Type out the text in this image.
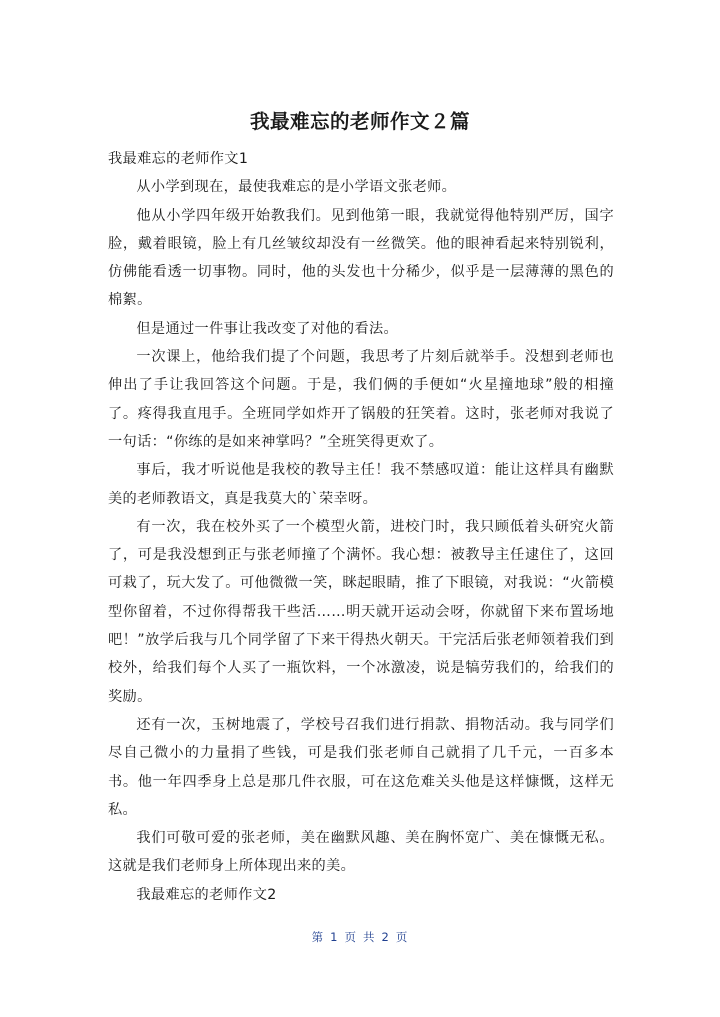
我最难忘的老师作文２篇

我最难忘的老师作文1

从小学到现在，最使我难忘的是小学语文张老师。

他从小学四年级开始教我们。见到他第一眼，我就觉得他特别严厉，国字脸，戴着眼镜，脸上有几丝皱纹却没有一丝微笑。他的眼神看起来特别锐利，仿佛能看透一切事物。同时，他的头发也十分稀少，似乎是一层薄薄的黑色的棉絮。

但是通过一件事让我改变了对他的看法。

一次课上，他给我们提了个问题，我思考了片刻后就举手。没想到老师也伸出了手让我回答这个问题。于是，我们俩的手便如“火星撞地球”般的相撞了。疼得我直甩手。全班同学如炸开了锅般的狂笑着。这时，张老师对我说了一句话：“你练的是如来神掌吗？”全班笑得更欢了。

事后，我才听说他是我校的教导主任！我不禁感叹道：能让这样具有幽默美的老师教语文，真是我莫大的`荣幸呀。

有一次，我在校外买了一个模型火箭，进校门时，我只顾低着头研究火箭了，可是我没想到正与张老师撞了个满怀。我心想：被教导主任逮住了，这回可栽了，玩大发了。可他微微一笑，眯起眼睛，推了下眼镜，对我说：“火箭模型你留着，不过你得帮我干些活……明天就开运动会呀，你就留下来布置场地吧！”放学后我与几个同学留了下来干得热火朝天。干完活后张老师领着我们到校外，给我们每个人买了一瓶饮料，一个冰激凌，说是犒劳我们的，给我们的奖励。

还有一次，玉树地震了，学校号召我们进行捐款、捐物活动。我与同学们尽自己微小的力量捐了些钱，可是我们张老师自己就捐了几千元，一百多本书。他一年四季身上总是那几件衣服，可在这危难关头他是这样慷慨，这样无私。

我们可敬可爱的张老师，美在幽默风趣、美在胸怀宽广、美在慷慨无私。这就是我们老师身上所体现出来的美。

我最难忘的老师作文2

第 1 页 共 2 页
